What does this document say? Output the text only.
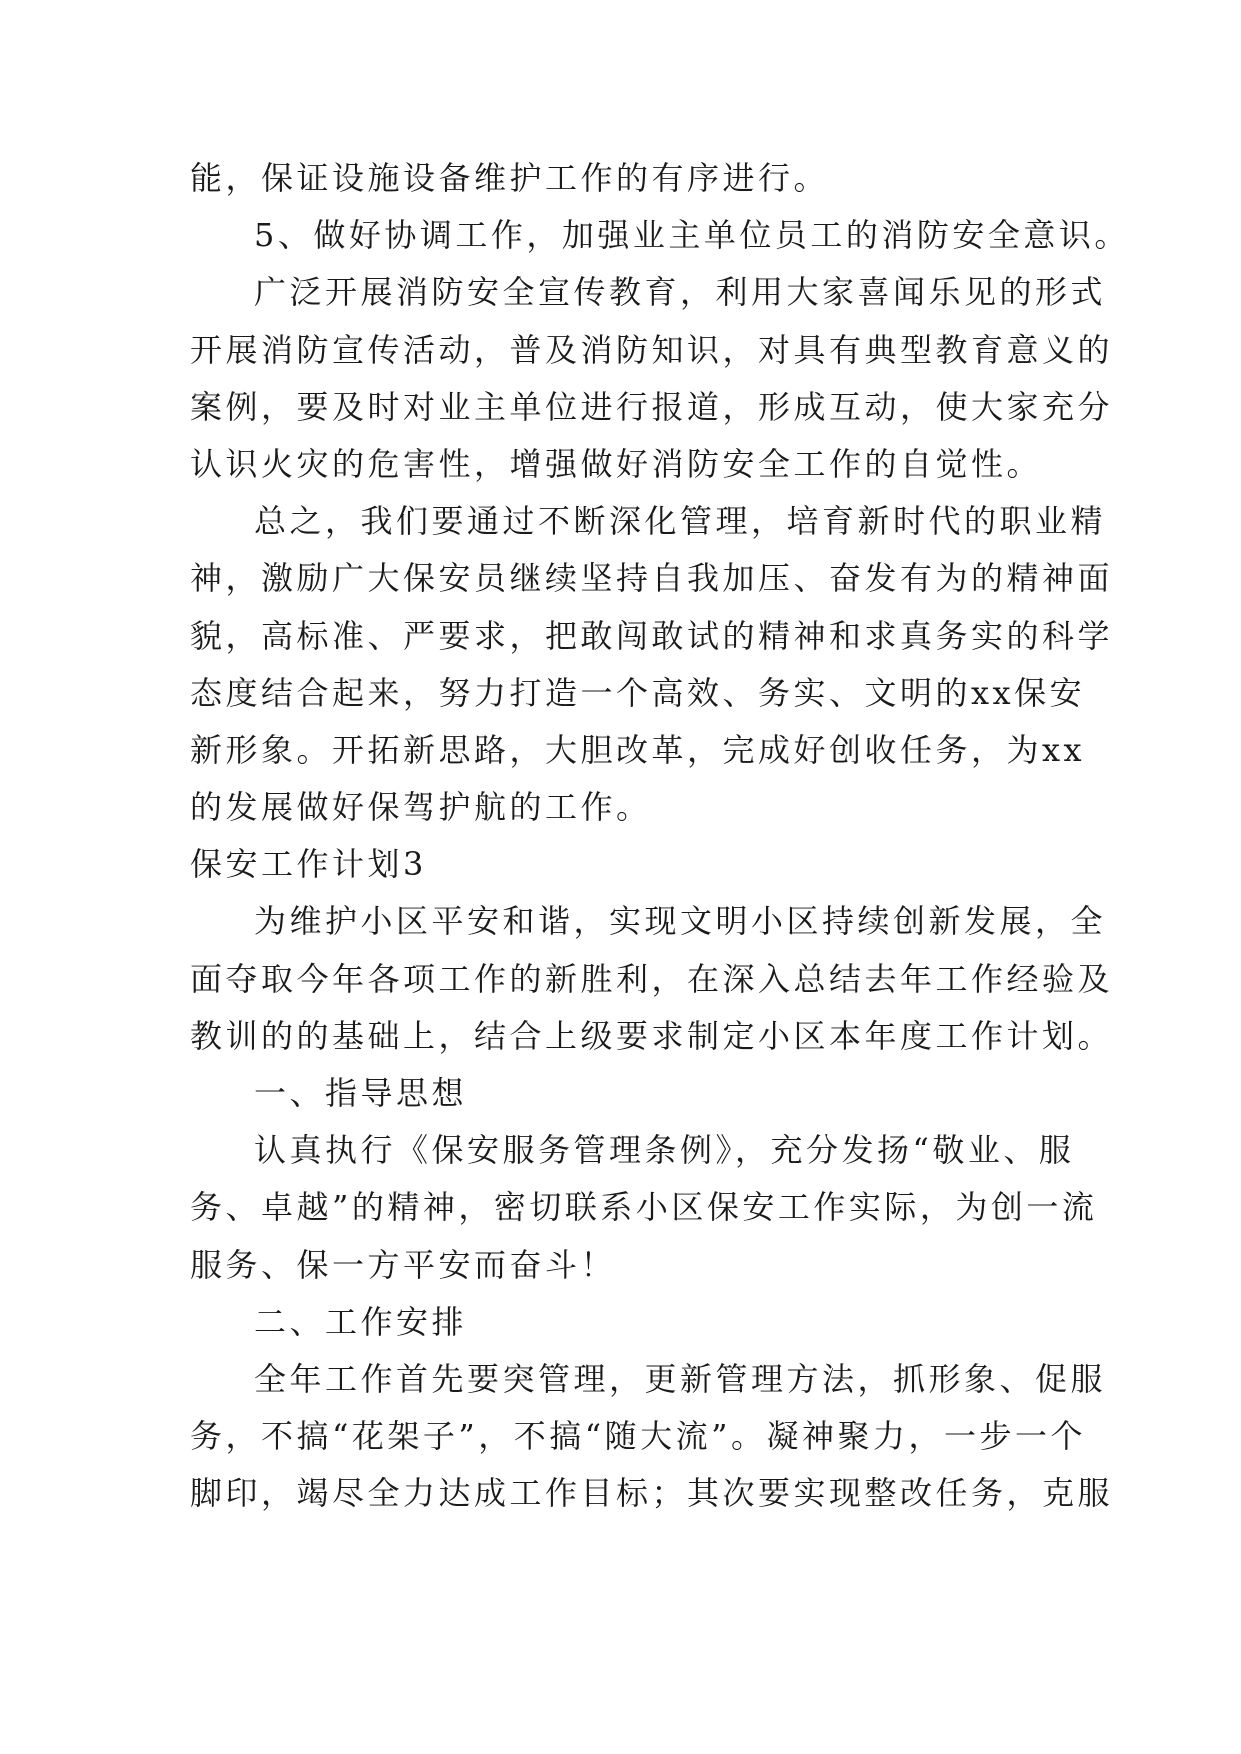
能，保证设施设备维护工作的有序进行。
5、做好协调工作，加强业主单位员工的消防安全意识。
广泛开展消防安全宣传教育，利用大家喜闻乐见的形式
开展消防宣传活动，普及消防知识，对具有典型教育意义的
案例，要及时对业主单位进行报道，形成互动，使大家充分
认识火灾的危害性，增强做好消防安全工作的自觉性。
总之，我们要通过不断深化管理，培育新时代的职业精
神，激励广大保安员继续坚持自我加压、奋发有为的精神面
貌，高标准、严要求，把敢闯敢试的精神和求真务实的科学
态度结合起来，努力打造一个高效、务实、文明的xx保安
新形象。开拓新思路，大胆改革，完成好创收任务，为xx
的发展做好保驾护航的工作。
保安工作计划3
为维护小区平安和谐，实现文明小区持续创新发展，全
面夺取今年各项工作的新胜利，在深入总结去年工作经验及
教训的的基础上，结合上级要求制定小区本年度工作计划。
一、指导思想
认真执行《保安服务管理条例》，充分发扬“敬业、服
务、卓越”的精神，密切联系小区保安工作实际，为创一流
服务、保一方平安而奋斗！
二、工作安排
全年工作首先要突管理，更新管理方法，抓形象、促服
务，不搞“花架子”，不搞“随大流”。凝神聚力，一步一个
脚印，竭尽全力达成工作目标；其次要实现整改任务，克服
